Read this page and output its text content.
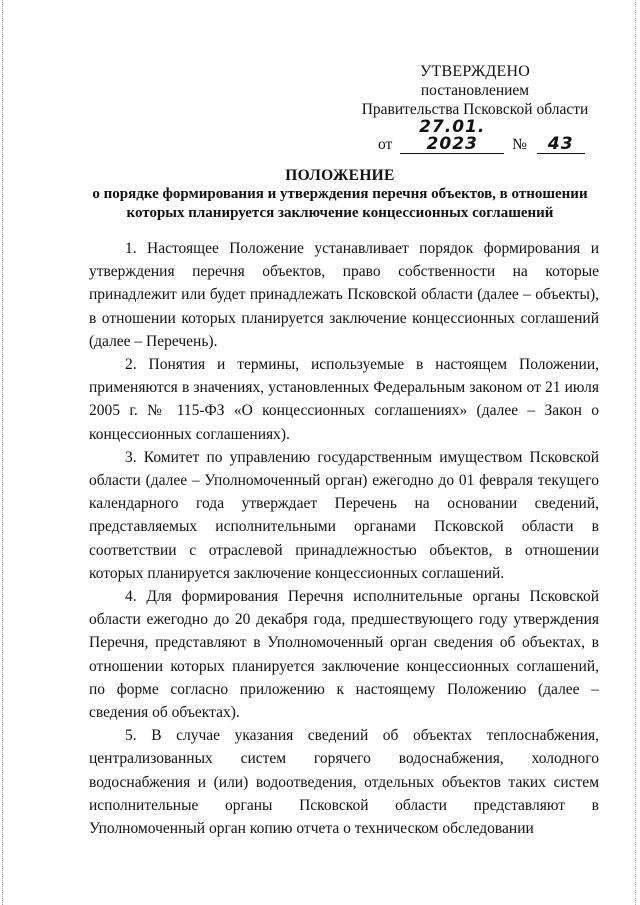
УТВЕРЖДЕНО
постановлением
Правительства Псковской области
от 27.01. 2023 № 43
ПОЛОЖЕНИЕ
о порядке формирования и утверждения перечня объектов, в отношении которых планируется заключение концессионных соглашений

1. Настоящее Положение устанавливает порядок формирования и утверждения перечня объектов, право собственности на которые принадлежит или будет принадлежать Псковской области (далее – объекты), в отношении которых планируется заключение концессионных соглашений (далее – Перечень).

2. Понятия и термины, используемые в настоящем Положении, применяются в значениях, установленных Федеральным законом от 21 июля 2005 г. № 115-ФЗ «О концессионных соглашениях» (далее – Закон о концессионных соглашениях).

3. Комитет по управлению государственным имуществом Псковской области (далее – Уполномоченный орган) ежегодно до 01 февраля текущего календарного года утверждает Перечень на основании сведений, представляемых исполнительными органами Псковской области в соответствии с отраслевой принадлежностью объектов, в отношении которых планируется заключение концессионных соглашений.

4. Для формирования Перечня исполнительные органы Псковской области ежегодно до 20 декабря года, предшествующего году утверждения Перечня, представляют в Уполномоченный орган сведения об объектах, в отношении которых планируется заключение концессионных соглашений, по форме согласно приложению к настоящему Положению (далее – сведения об объектах).

5. В случае указания сведений об объектах теплоснабжения, централизованных систем горячего водоснабжения, холодного водоснабжения и (или) водоотведения, отдельных объектов таких систем исполнительные органы Псковской области представляют в Уполномоченный орган копию отчета о техническом обследовании
